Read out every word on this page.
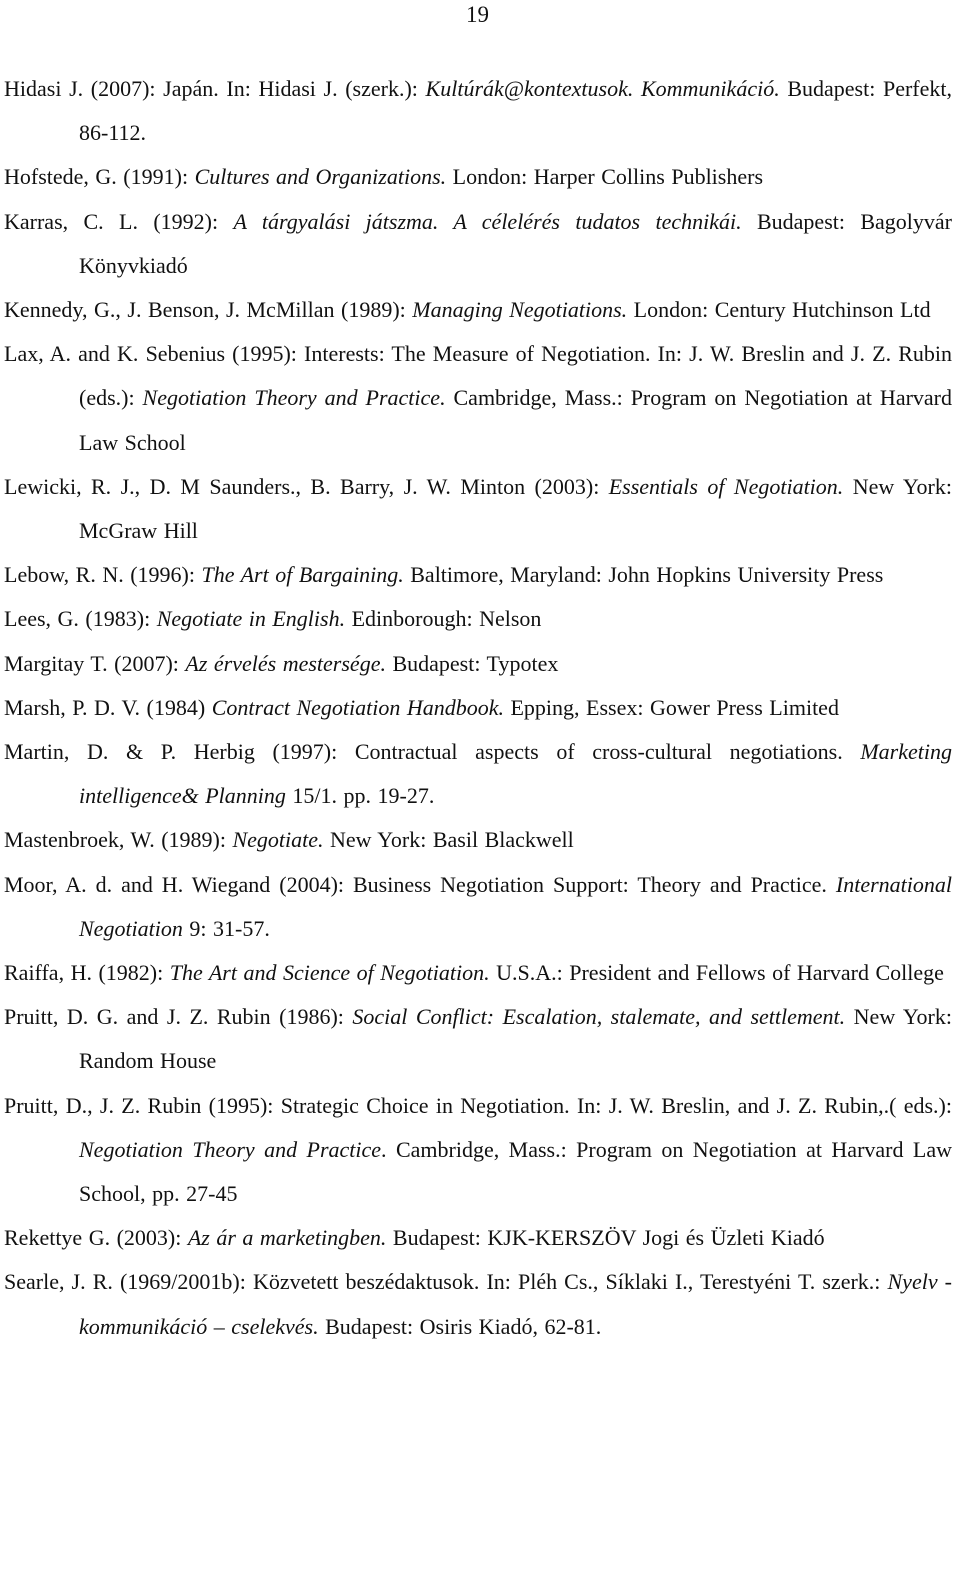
19

Hidasi J. (2007): Japán. In: Hidasi J. (szerk.): Kultúrák@kontextusok. Kommunikáció. Budapest: Perfekt, 86-112.

Hofstede, G. (1991): Cultures and Organizations. London: Harper Collins Publishers

Karras, C. L. (1992): A tárgyalási játszma. A célelérés tudatos technikái. Budapest: Bagolyvár Könyvkiadó

Kennedy, G., J. Benson, J. McMillan (1989): Managing Negotiations. London: Century Hutchinson Ltd

Lax, A. and K. Sebenius (1995): Interests: The Measure of Negotiation. In: J. W. Breslin and J. Z. Rubin (eds.): Negotiation Theory and Practice. Cambridge, Mass.: Program on Negotiation at Harvard Law School

Lewicki, R. J., D. M Saunders., B. Barry, J. W. Minton (2003): Essentials of Negotiation. New York: McGraw Hill

Lebow, R. N. (1996): The Art of Bargaining. Baltimore, Maryland: John Hopkins University Press

Lees, G. (1983): Negotiate in English. Edinborough: Nelson

Margitay T. (2007): Az érvelés mestersége. Budapest: Typotex

Marsh, P. D. V. (1984) Contract Negotiation Handbook. Epping, Essex: Gower Press Limited

Martin, D. & P. Herbig (1997): Contractual aspects of cross-cultural negotiations. Marketing intelligence& Planning 15/1. pp. 19-27.

Mastenbroek, W. (1989): Negotiate. New York: Basil Blackwell

Moor, A. d. and H. Wiegand (2004): Business Negotiation Support: Theory and Practice. International Negotiation 9: 31-57.

Raiffa, H. (1982): The Art and Science of Negotiation. U.S.A.: President and Fellows of Harvard College

Pruitt, D. G. and J. Z. Rubin (1986): Social Conflict: Escalation, stalemate, and settlement. New York: Random House

Pruitt, D., J. Z. Rubin (1995): Strategic Choice in Negotiation. In: J. W. Breslin, and J. Z. Rubin,.( eds.): Negotiation Theory and Practice. Cambridge, Mass.: Program on Negotiation at Harvard Law School, pp. 27-45

Rekettye G. (2003): Az ár a marketingben. Budapest: KJK-KERSZÖV Jogi és Üzleti Kiadó

Searle, J. R. (1969/2001b): Közvetett beszédaktusok. In: Pléh Cs., Síklaki I., Terestyéni T. szerk.: Nyelv - kommunikáció – cselekvés. Budapest: Osiris Kiadó, 62-81.
